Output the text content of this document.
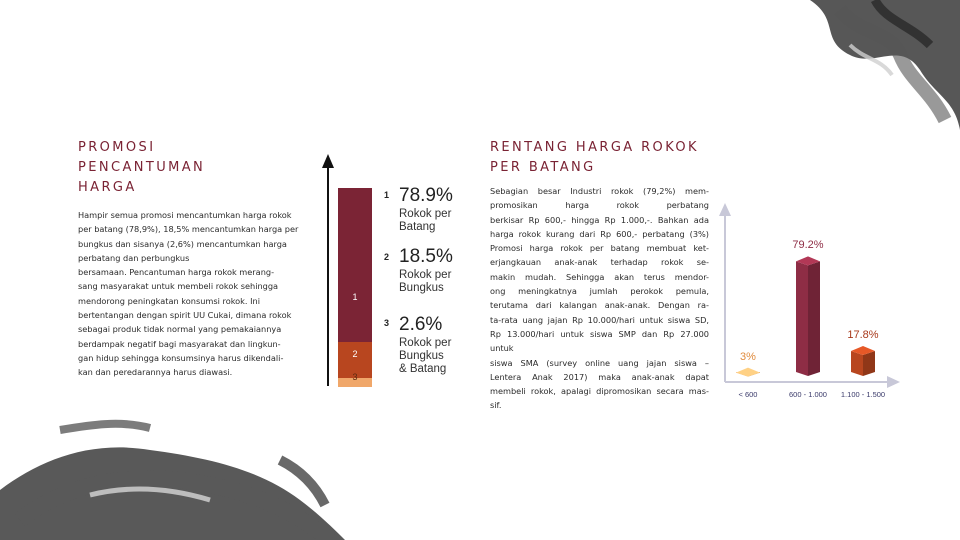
PROMOSI
PENCANTUMAN
HARGA
Hampir semua promosi mencantumkan harga rokok
per batang (78,9%), 18,5% mencantumkan harga per
bungkus dan sisanya (2,6%) mencantumkan harga
perbatang dan perbungkus
bersamaan. Pencantuman harga rokok merang-
sang masyarakat untuk membeli rokok sehingga
mendorong peningkatan konsumsi rokok. Ini
bertentangan dengan spirit UU Cukai, dimana rokok
sebagai produk tidak normal yang pemakaiannya
berdampak negatif bagi masyarakat dan lingkun-
gan hidup sehingga konsumsinya harus dikendali-
kan dan peredarannya harus diawasi.
1
2
3
1 78.9%
Rokok per
Batang
2 18.5%
Rokok per
Bungkus
3 2.6%
Rokok per
Bungkus
& Batang
RENTANG HARGA ROKOK
PER BATANG
Sebagian besar Industri rokok (79,2%) mem-
promosikan harga rokok perbatang
berkisar Rp 600,- hingga Rp 1.000,-. Bahkan ada
harga rokok kurang dari Rp 600,- perbatang (3%)
Promosi harga rokok per batang membuat ket-
erjangkauan anak-anak terhadap rokok se-
makin mudah. Sehingga akan terus mendor-
ong meningkatnya jumlah perokok pemula,
terutama dari kalangan anak-anak. Dengan ra-
ta-rata uang jajan Rp 10.000/hari untuk siswa SD,
Rp 13.000/hari untuk siswa SMP dan Rp 27.000 untuk
siswa SMA (survey online uang jajan siswa –
Lentera Anak 2017) maka anak-anak dapat
membeli rokok, apalagi dipromosikan secara mas-
sif.
3%
< 600
79.2%
600 - 1.000
17.8%
1.100 - 1.500
